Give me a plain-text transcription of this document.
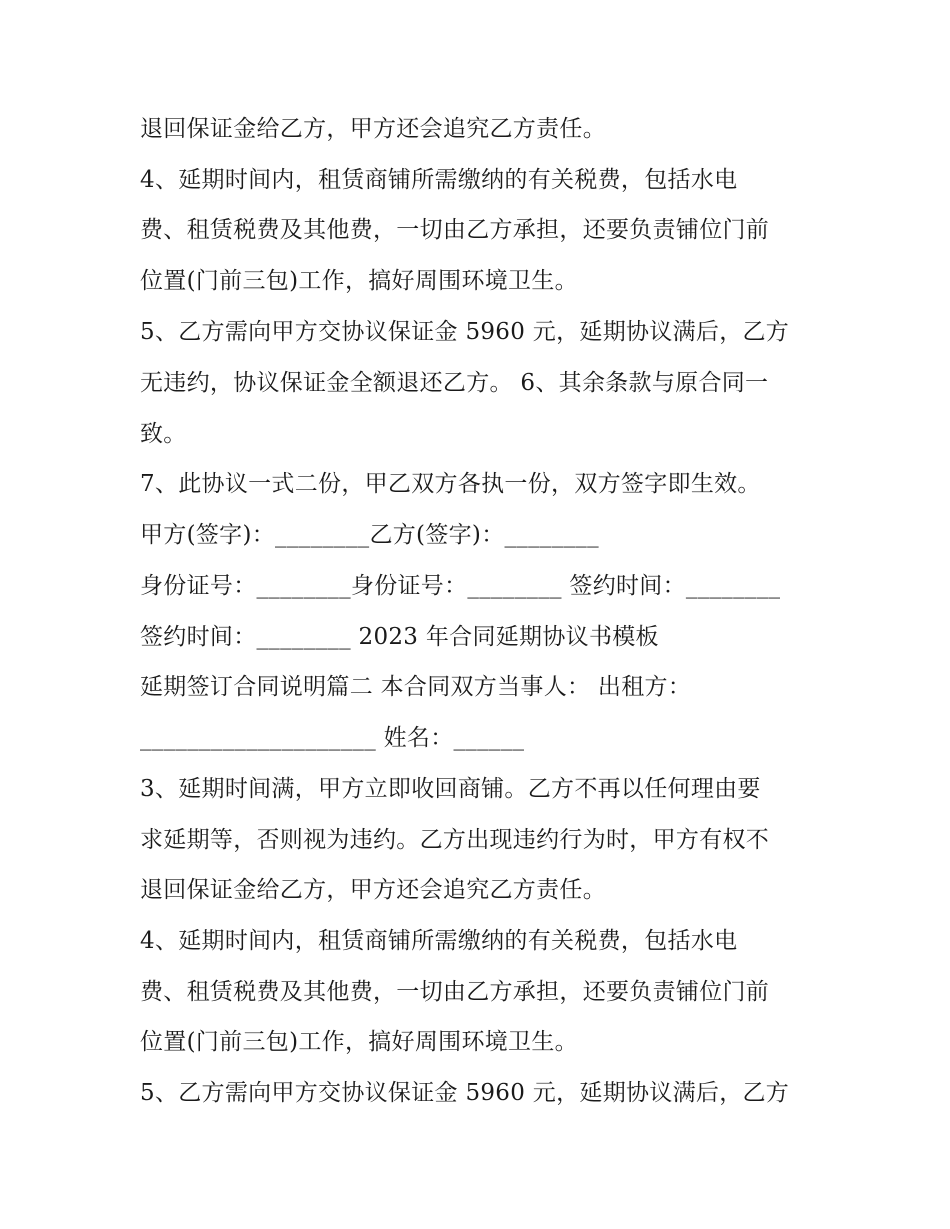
退回保证金给乙方，甲方还会追究乙方责任。
4、延期时间内，租赁商铺所需缴纳的有关税费，包括水电
费、租赁税费及其他费，一切由乙方承担，还要负责铺位门前
位置(门前三包)工作，搞好周围环境卫生。
5、乙方需向甲方交协议保证金 5960 元，延期协议满后，乙方
无违约，协议保证金全额退还乙方。 6、其余条款与原合同一
致。
7、此协议一式二份，甲乙双方各执一份，双方签字即生效。
甲方(签字)：________乙方(签字)：________
身份证号：________身份证号：________ 签约时间：________
签约时间：________ 2023 年合同延期协议书模板
延期签订合同说明篇二 本合同双方当事人： 出租方：
____________________ 姓名：______
3、延期时间满，甲方立即收回商铺。乙方不再以任何理由要
求延期等，否则视为违约。乙方出现违约行为时，甲方有权不
退回保证金给乙方，甲方还会追究乙方责任。
4、延期时间内，租赁商铺所需缴纳的有关税费，包括水电
费、租赁税费及其他费，一切由乙方承担，还要负责铺位门前
位置(门前三包)工作，搞好周围环境卫生。
5、乙方需向甲方交协议保证金 5960 元，延期协议满后，乙方
